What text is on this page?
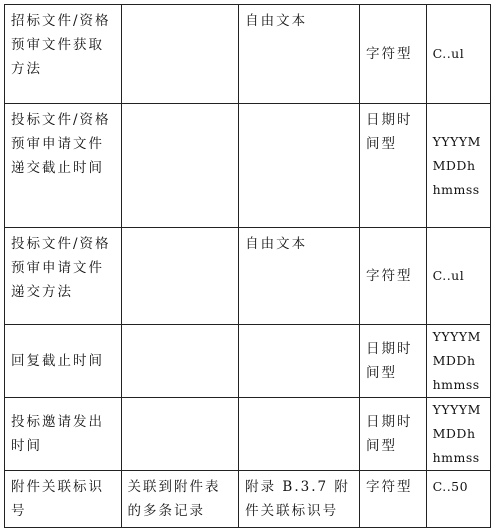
招标文件/资格预审文件获取方法		自由文本	字符型	C..ul
投标文件/资格预审申请文件递交截止时间			日期时间型	YYYYMMDDhhmmss
投标文件/资格预审申请文件递交方法		自由文本	字符型	C..ul
回复截止时间			日期时间型	YYYYMMDDhhmmss
投标邀请发出时间			日期时间型	YYYYMMDDhhmmss
附件关联标识号	关联到附件表的多条记录	附录 B.3.7 附件关联标识号	字符型	C..50
